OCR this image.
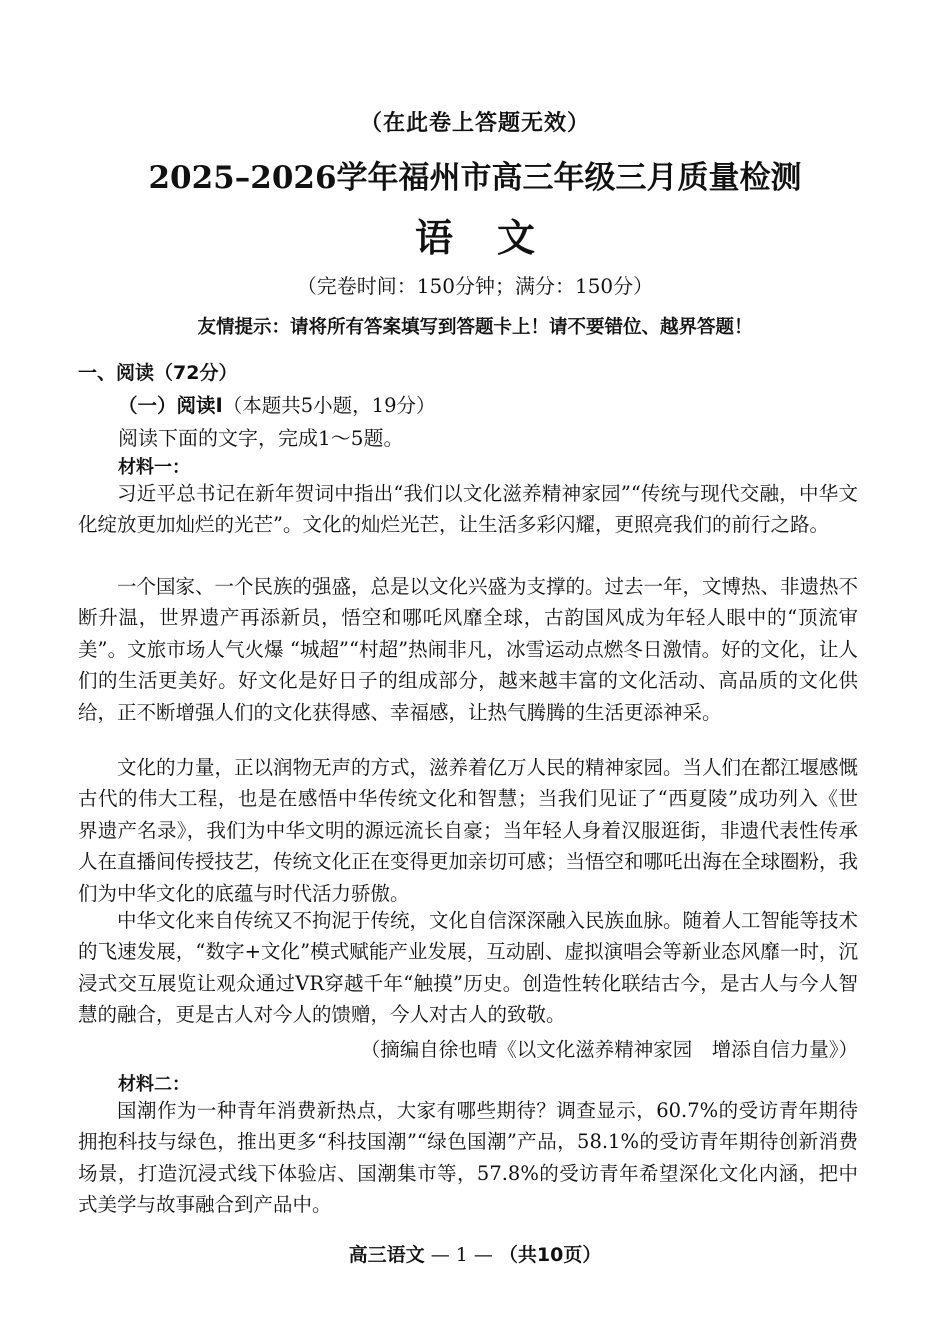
（在此卷上答题无效）
2025–2026学年福州市高三年级三月质量检测
语文
（完卷时间：150分钟；满分：150分）
友情提示：请将所有答案填写到答题卡上！请不要错位、越界答题！
一、阅读（72分）
（一）阅读Ⅰ（本题共5小题，19分）
阅读下面的文字，完成1～5题。
材料一：

习近平总书记在新年贺词中指出“我们以文化滋养精神家园”“传统与现代交融，中华文化绽放更加灿烂的光芒”。文化的灿烂光芒，让生活多彩闪耀，更照亮我们的前行之路。

一个国家、一个民族的强盛，总是以文化兴盛为支撑的。过去一年，文博热、非遗热不断升温，世界遗产再添新员，悟空和哪吒风靡全球，古韵国风成为年轻人眼中的“顶流审美”。文旅市场人气火爆 “城超”“村超”热闹非凡，冰雪运动点燃冬日激情。好的文化，让人们的生活更美好。好文化是好日子的组成部分，越来越丰富的文化活动、高品质的文化供给，正不断增强人们的文化获得感、幸福感，让热气腾腾的生活更添神采。

文化的力量，正以润物无声的方式，滋养着亿万人民的精神家园。当人们在都江堰感慨古代的伟大工程，也是在感悟中华传统文化和智慧；当我们见证了“西夏陵”成功列入《世界遗产名录》，我们为中华文明的源远流长自豪；当年轻人身着汉服逛街，非遗代表性传承人在直播间传授技艺，传统文化正在变得更加亲切可感；当悟空和哪吒出海在全球圈粉，我们为中华文化的底蕴与时代活力骄傲。

中华文化来自传统又不拘泥于传统，文化自信深深融入民族血脉。随着人工智能等技术的飞速发展，“数字+文化”模式赋能产业发展，互动剧、虚拟演唱会等新业态风靡一时，沉浸式交互展览让观众通过VR穿越千年“触摸”历史。创造性转化联结古今，是古人与今人智慧的融合，更是古人对今人的馈赠，今人对古人的致敬。

（摘编自徐也晴《以文化滋养精神家园　增添自信力量》）
材料二：

国潮作为一种青年消费新热点，大家有哪些期待？调查显示，60.7%的受访青年期待拥抱科技与绿色，推出更多“科技国潮”“绿色国潮”产品，58.1%的受访青年期待创新消费场景，打造沉浸式线下体验店、国潮集市等，57.8%的受访青年希望深化文化内涵，把中式美学与故事融合到产品中。

高三语文 — 1 — （共10页）
